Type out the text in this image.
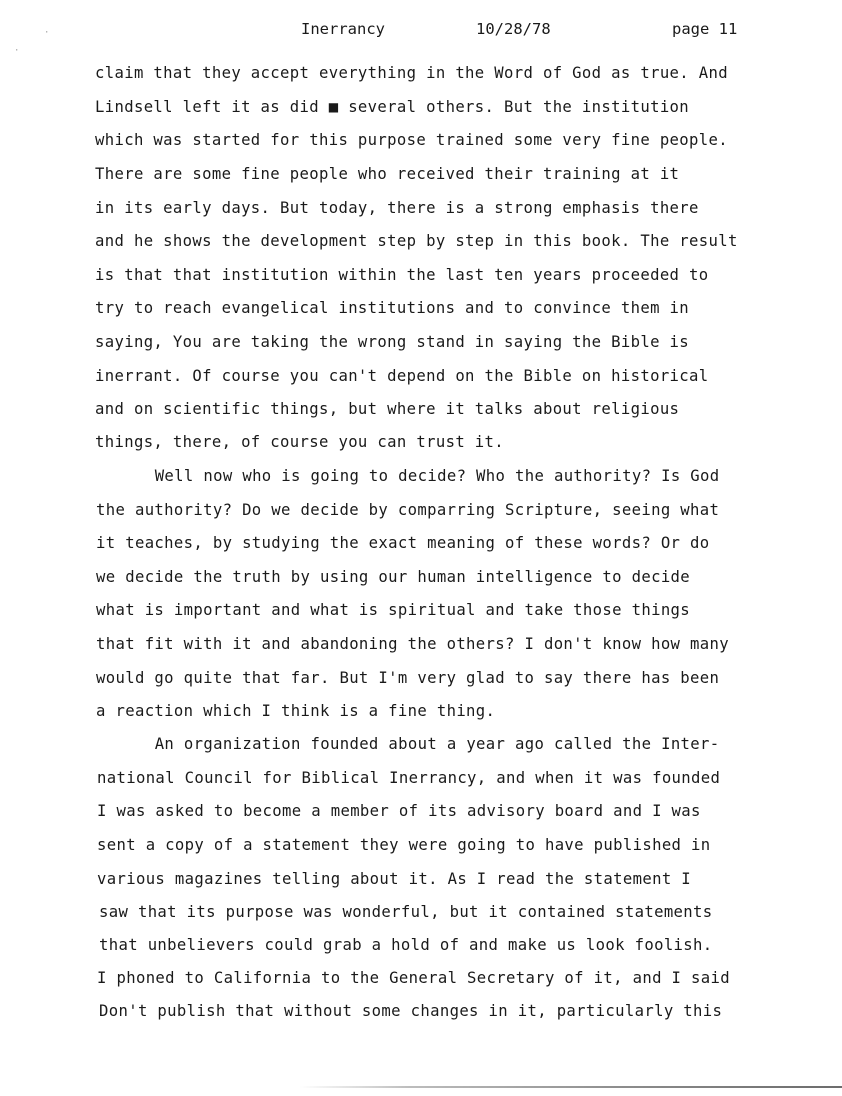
Inerrancy	10/28/78	page 11
·
·
claim that they accept everything in the Word of God as true. And
Lindsell left it as did ■ several others. But the institution
which was started for this purpose trained some very fine people.
There are some fine people who received their training at it
in its early days. But today, there is a strong emphasis there
and he shows the development step by step in this book. The result
is that that institution within the last ten years proceeded to
try to reach evangelical institutions and to convince them in
saying, You are taking the wrong stand in saying the Bible is
inerrant. Of course you can't depend on the Bible on historical
and on scientific things, but where it talks about religious
things, there, of course you can trust it.
Well now who is going to decide? Who the authority? Is God
the authority? Do we decide by comparring Scripture, seeing what
it teaches, by studying the exact meaning of these words? Or do
we decide the truth by using our human intelligence to decide
what is important and what is spiritual and take those things
that fit with it and abandoning the others? I don't know how many
would go quite that far. But I'm very glad to say there has been
a reaction which I think is a fine thing.
An organization founded about a year ago called the Inter-
national Council for Biblical Inerrancy, and when it was founded
I was asked to become a member of its advisory board and I was
sent a copy of a statement they were going to have published in
various magazines telling about it. As I read the statement I
saw that its purpose was wonderful, but it contained statements
that unbelievers could grab a hold of and make us look foolish.
I phoned to California to the General Secretary of it, and I said
Don't publish that without some changes in it, particularly this
